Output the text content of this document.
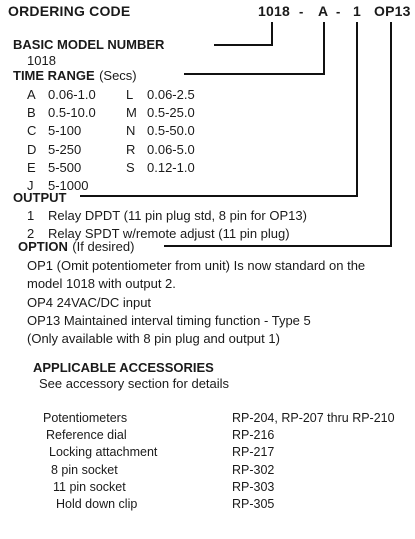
ORDERING CODE	1018 - A - 1 OP13
BASIC MODEL NUMBER
1018
TIME RANGE (Secs)
A 0.06-1.0
B 0.5-10.0
C 5-100
D 5-250
E 5-500
J 5-1000
L 0.06-2.5
M 0.5-25.0
N 0.5-50.0
R 0.06-5.0
S 0.12-1.0
OUTPUT
1 Relay DPDT (11 pin plug std, 8 pin for OP13)
2 Relay SPDT w/remote adjust (11 pin plug)
OPTION (If desired)
OP1 (Omit potentiometer from unit) Is now standard on the
model 1018 with output 2.
OP4 24VAC/DC input
OP13 Maintained interval timing function - Type 5
(Only available with 8 pin plug and output 1)
APPLICABLE ACCESSORIES
See accessory section for details
Potentiometers
Reference dial
Locking attachment
8 pin socket
11 pin socket
Hold down clip
RP-204, RP-207 thru RP-210
RP-216
RP-217
RP-302
RP-303
RP-305
